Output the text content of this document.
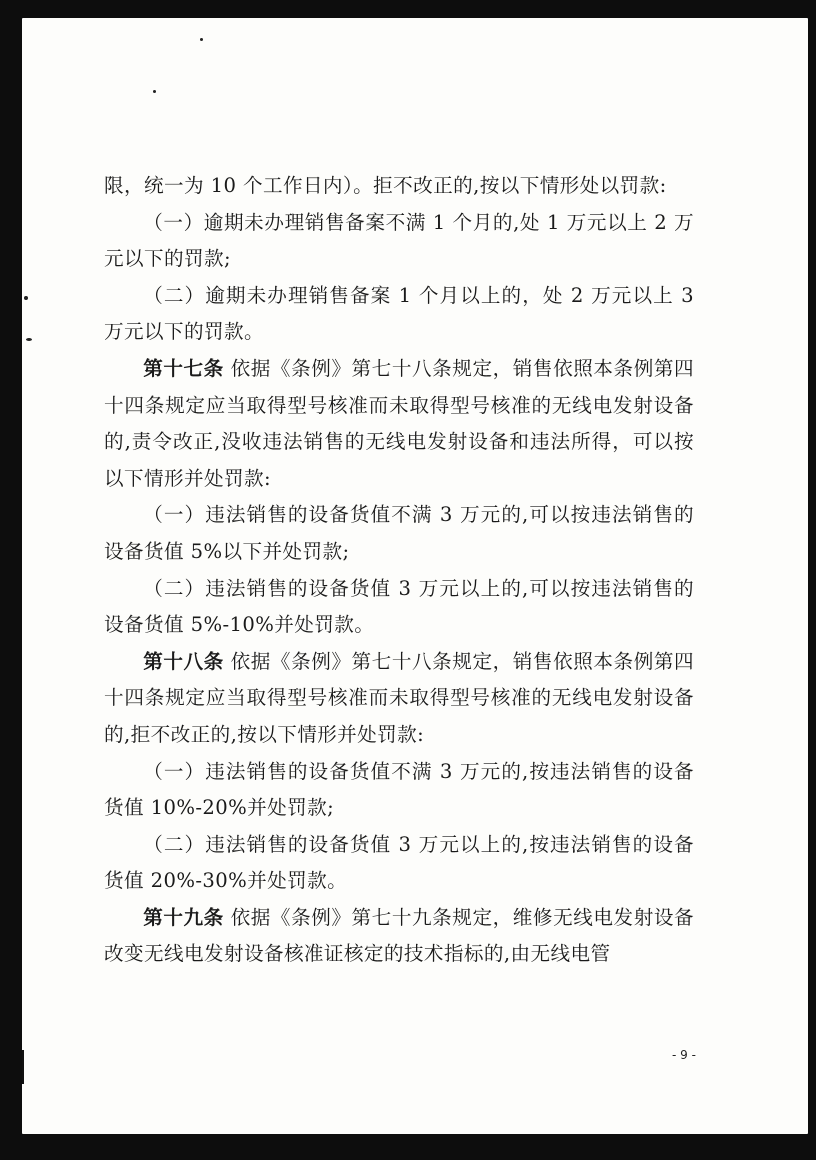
限，统一为 10 个工作日内）。拒不改正的,按以下情形处以罚款:

（一）逾期未办理销售备案不满 1 个月的,处 1 万元以上 2 万元以下的罚款;

（二）逾期未办理销售备案 1 个月以上的，处 2 万元以上 3 万元以下的罚款。

第十七条 依据《条例》第七十八条规定，销售依照本条例第四十四条规定应当取得型号核准而未取得型号核准的无线电发射设备的,责令改正,没收违法销售的无线电发射设备和违法所得，可以按以下情形并处罚款:

（一）违法销售的设备货值不满 3 万元的,可以按违法销售的设备货值 5%以下并处罚款;

（二）违法销售的设备货值 3 万元以上的,可以按违法销售的设备货值 5%-10%并处罚款。

第十八条 依据《条例》第七十八条规定，销售依照本条例第四十四条规定应当取得型号核准而未取得型号核准的无线电发射设备的,拒不改正的,按以下情形并处罚款:

（一）违法销售的设备货值不满 3 万元的,按违法销售的设备货值 10%-20%并处罚款;

（二）违法销售的设备货值 3 万元以上的,按违法销售的设备货值 20%-30%并处罚款。

第十九条 依据《条例》第七十九条规定，维修无线电发射设备改变无线电发射设备核准证核定的技术指标的,由无线电管

- 9 -
